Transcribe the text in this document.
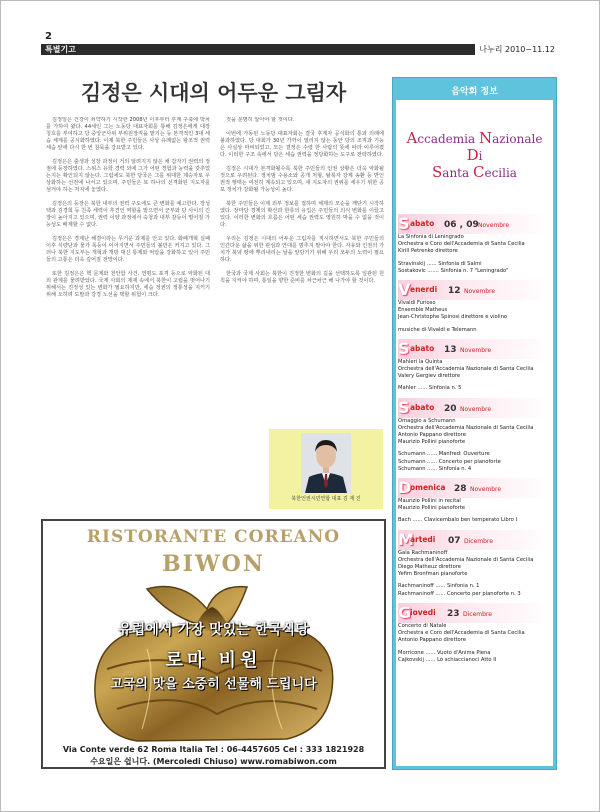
2
특별기고	나누리 2010~11.12
김정은 시대의 어두운 그림자

김정일은 건강이 쇠약하기 시작한 2008년 이후부터 후계 구축에 박차를 가하여 왔다. 44세인 그는 노동당 대표자회를 통해 김정은에게 대장 칭호를 부여하고 당 중앙군사위 부위원장직을 맡기는 등 본격적인 3대 세습 체제를 공식화하였다. 이제 북한 주민들은 사상 유례없는 왕조적 권력 세습 앞에 다시 한 번 침묵을 강요받고 있다.

김정은은 출생과 성장 과정이 거의 알려지지 않은 채 갑자기 권력의 정점에 등장하였다. 스위스 유학 경력 외에 그가 어떤 경험과 능력을 갖추었는지는 확인되지 않는다. 그럼에도 북한 당국은 그를 위대한 계승자로 우상화하는 선전에 나서고 있으며, 주민들은 또 하나의 신격화된 지도자를 섬겨야 하는 처지에 놓였다.

김정은의 등장은 북한 내부의 권력 구도에도 큰 변화를 예고한다. 장성택과 김경희 등 친족 세력이 후견인 역할을 맡으면서 군부와 당 사이의 긴장이 높아지고 있으며, 권력 이양 과정에서 숙청과 내부 갈등이 벌어질 가능성도 배제할 수 없다.

김정은은 경제난 해결이라는 무거운 과제를 안고 있다. 화폐개혁 실패 이후 식량난과 물가 폭등이 이어지면서 주민들의 불만은 커지고 있다. 그러나 북한 지도부는 개혁과 개방 대신 통제와 억압을 강화하고 있어 주민들의 고통은 더욱 깊어질 전망이다.

또한 김정은은 핵 문제와 천안함 사건, 연평도 포격 등으로 악화된 대외 관계를 물려받았다. 국제 사회의 제재 속에서 북한이 고립을 벗어나기 위해서는 진정성 있는 변화가 필요하지만, 세습 정권의 정통성을 지키기 위해 오히려 도발과 강경 노선을 택할 위험이 크다.

것을 분명히 알아야 할 것이다.

이번에 가동된 노동당 대표자회는 결국 후계자 공식화의 통과 의례에 불과하였다. 당 대회가 30년 가까이 열리지 않는 동안 당의 조직과 기능은 사실상 마비되었고, 모든 결정은 수령 한 사람의 뜻에 따라 이루어졌다. 이러한 구조 속에서 당은 세습 권력을 정당화하는 도구로 전락하였다.

김정은 시대가 본격화될수록 북한 주민들의 인권 상황은 더욱 악화될 것으로 우려된다. 정치범 수용소와 공개 처형, 탈북자 강제 송환 등 반인권적 행태는 여전히 계속되고 있으며, 새 지도자의 권위를 세우기 위한 공포 정치가 강화될 가능성이 높다.

북한 주민들은 이제 외부 정보를 접하며 체제의 모순을 깨닫기 시작하였다. 장마당 경제의 확산과 한류의 유입은 주민들의 의식 변화를 이끌고 있다. 이러한 변화의 흐름은 어떤 세습 권력도 영원히 막을 수 없을 것이다.

우리는 김정은 시대의 어두운 그림자를 직시하면서도 북한 주민들의 인간다운 삶을 위한 관심과 연대를 멈추지 말아야 한다. 자유와 인권의 가치가 북녘 땅에 뿌리내리는 날을 앞당기기 위해 우리 모두의 노력이 필요하다.

한국과 국제 사회는 북한이 진정한 변화의 길을 선택하도록 일관된 원칙을 지켜야 하며, 통일을 향한 준비를 차근차근 해 나가야 할 것이다.

북한인권시민연합 대표 김 재 진
RISTORANTE COREANO
BIWON
유럽에서 가장 맛있는 한국식당
로마 비원
고국의 맛을 소중히 선물해 드립니다
Via Conte verde 62 Roma Italia Tel : 06-4457605 Cel : 333 1821928
수요일은 쉽니다. (Mercoledi Chiuso) www.romabiwon.com
음악회 정보
Accademia Nazionale
Di
Santa Cecilia
S abato 06 , 09 Novembre
La Sinfonia di Leningrado
Orchestra e Coro dell'Accademia di Santa Cecilia
Kirill Petrenko direttore
Stravinskij ...... Sinfonia di Salmi
Sostakovic ....... Sinfonia n. 7 "Leningrado"
V enerdi 12 Novembre
Vivaldi Furioso
Ensemble Matheus
Jean-Christophe Spinosi direttore e violino
musiche di Vivaldi e Telemann
S abato 13 Novembre
Mahleri la Quinta
Orchestra dell'Accademia Nazionale di Santa Cecilia
Valery Gergiev direttore
Mahler ...... Sinfonia n. 5
S abato 20 Novembre
Omaggio a Schumann
Orchestra dell'Accademia Nazionale di Santa Cecilia
Antonio Pappano direttore
Maurizio Pollini pianoforte
Schumann ...... Manfred: Ouverture
Schumann ...... Concerto per pianoforte
Schumann ...... Sinfonia n. 4
D
omenica 28 Novembre
Maurizio Pollini in recital
Maurizio Pollini pianoforte
Bach ...... Clavicembalo ben temperato Libro I
M
artedi 07 Dicembre
Gala Rachmaninoff
Orchestra dell'Accademia Nazionale di Santa Cecilia
Diego Matheuz direttore
Yefim Bronfman pianoforte
Rachmaninoff ...... Sinfonia n. 1
Rachmaninoff ...... Concerto per pianoforte n. 3
G
iovedi 23 Dicembre
Concerto di Natale
Orchestra e Coro dell'Accademia di Santa Cecilia
Antonio Pappano direttore
Morricone ...... Vuoto d'Anima Piena
Cajkovskij ...... Lo schiaccianoci Atto II
